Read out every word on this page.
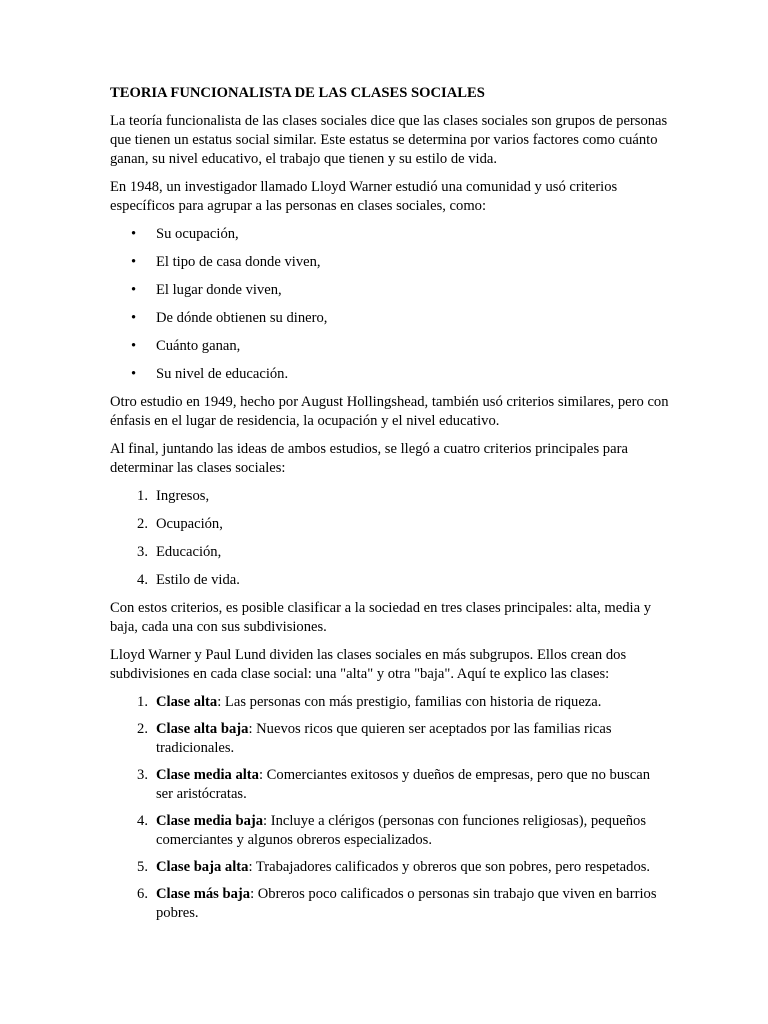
TEORIA FUNCIONALISTA DE LAS CLASES SOCIALES

La teoría funcionalista de las clases sociales dice que las clases sociales son grupos de personas que tienen un estatus social similar. Este estatus se determina por varios factores como cuánto ganan, su nivel educativo, el trabajo que tienen y su estilo de vida.

En 1948, un investigador llamado Lloyd Warner estudió una comunidad y usó criterios específicos para agrupar a las personas en clases sociales, como:

• Su ocupación,
• El tipo de casa donde viven,
• El lugar donde viven,
• De dónde obtienen su dinero,
• Cuánto ganan,
• Su nivel de educación.

Otro estudio en 1949, hecho por August Hollingshead, también usó criterios similares, pero con énfasis en el lugar de residencia, la ocupación y el nivel educativo.

Al final, juntando las ideas de ambos estudios, se llegó a cuatro criterios principales para determinar las clases sociales:

1. Ingresos,
2. Ocupación,
3. Educación,
4. Estilo de vida.

Con estos criterios, es posible clasificar a la sociedad en tres clases principales: alta, media y baja, cada una con sus subdivisiones.

Lloyd Warner y Paul Lund dividen las clases sociales en más subgrupos. Ellos crean dos subdivisiones en cada clase social: una "alta" y otra "baja". Aquí te explico las clases:

1. Clase alta: Las personas con más prestigio, familias con historia de riqueza.
2. Clase alta baja: Nuevos ricos que quieren ser aceptados por las familias ricas tradicionales.
3. Clase media alta: Comerciantes exitosos y dueños de empresas, pero que no buscan ser aristócratas.
4. Clase media baja: Incluye a clérigos (personas con funciones religiosas), pequeños comerciantes y algunos obreros especializados.
5. Clase baja alta: Trabajadores calificados y obreros que son pobres, pero respetados.
6. Clase más baja: Obreros poco calificados o personas sin trabajo que viven en barrios pobres.
